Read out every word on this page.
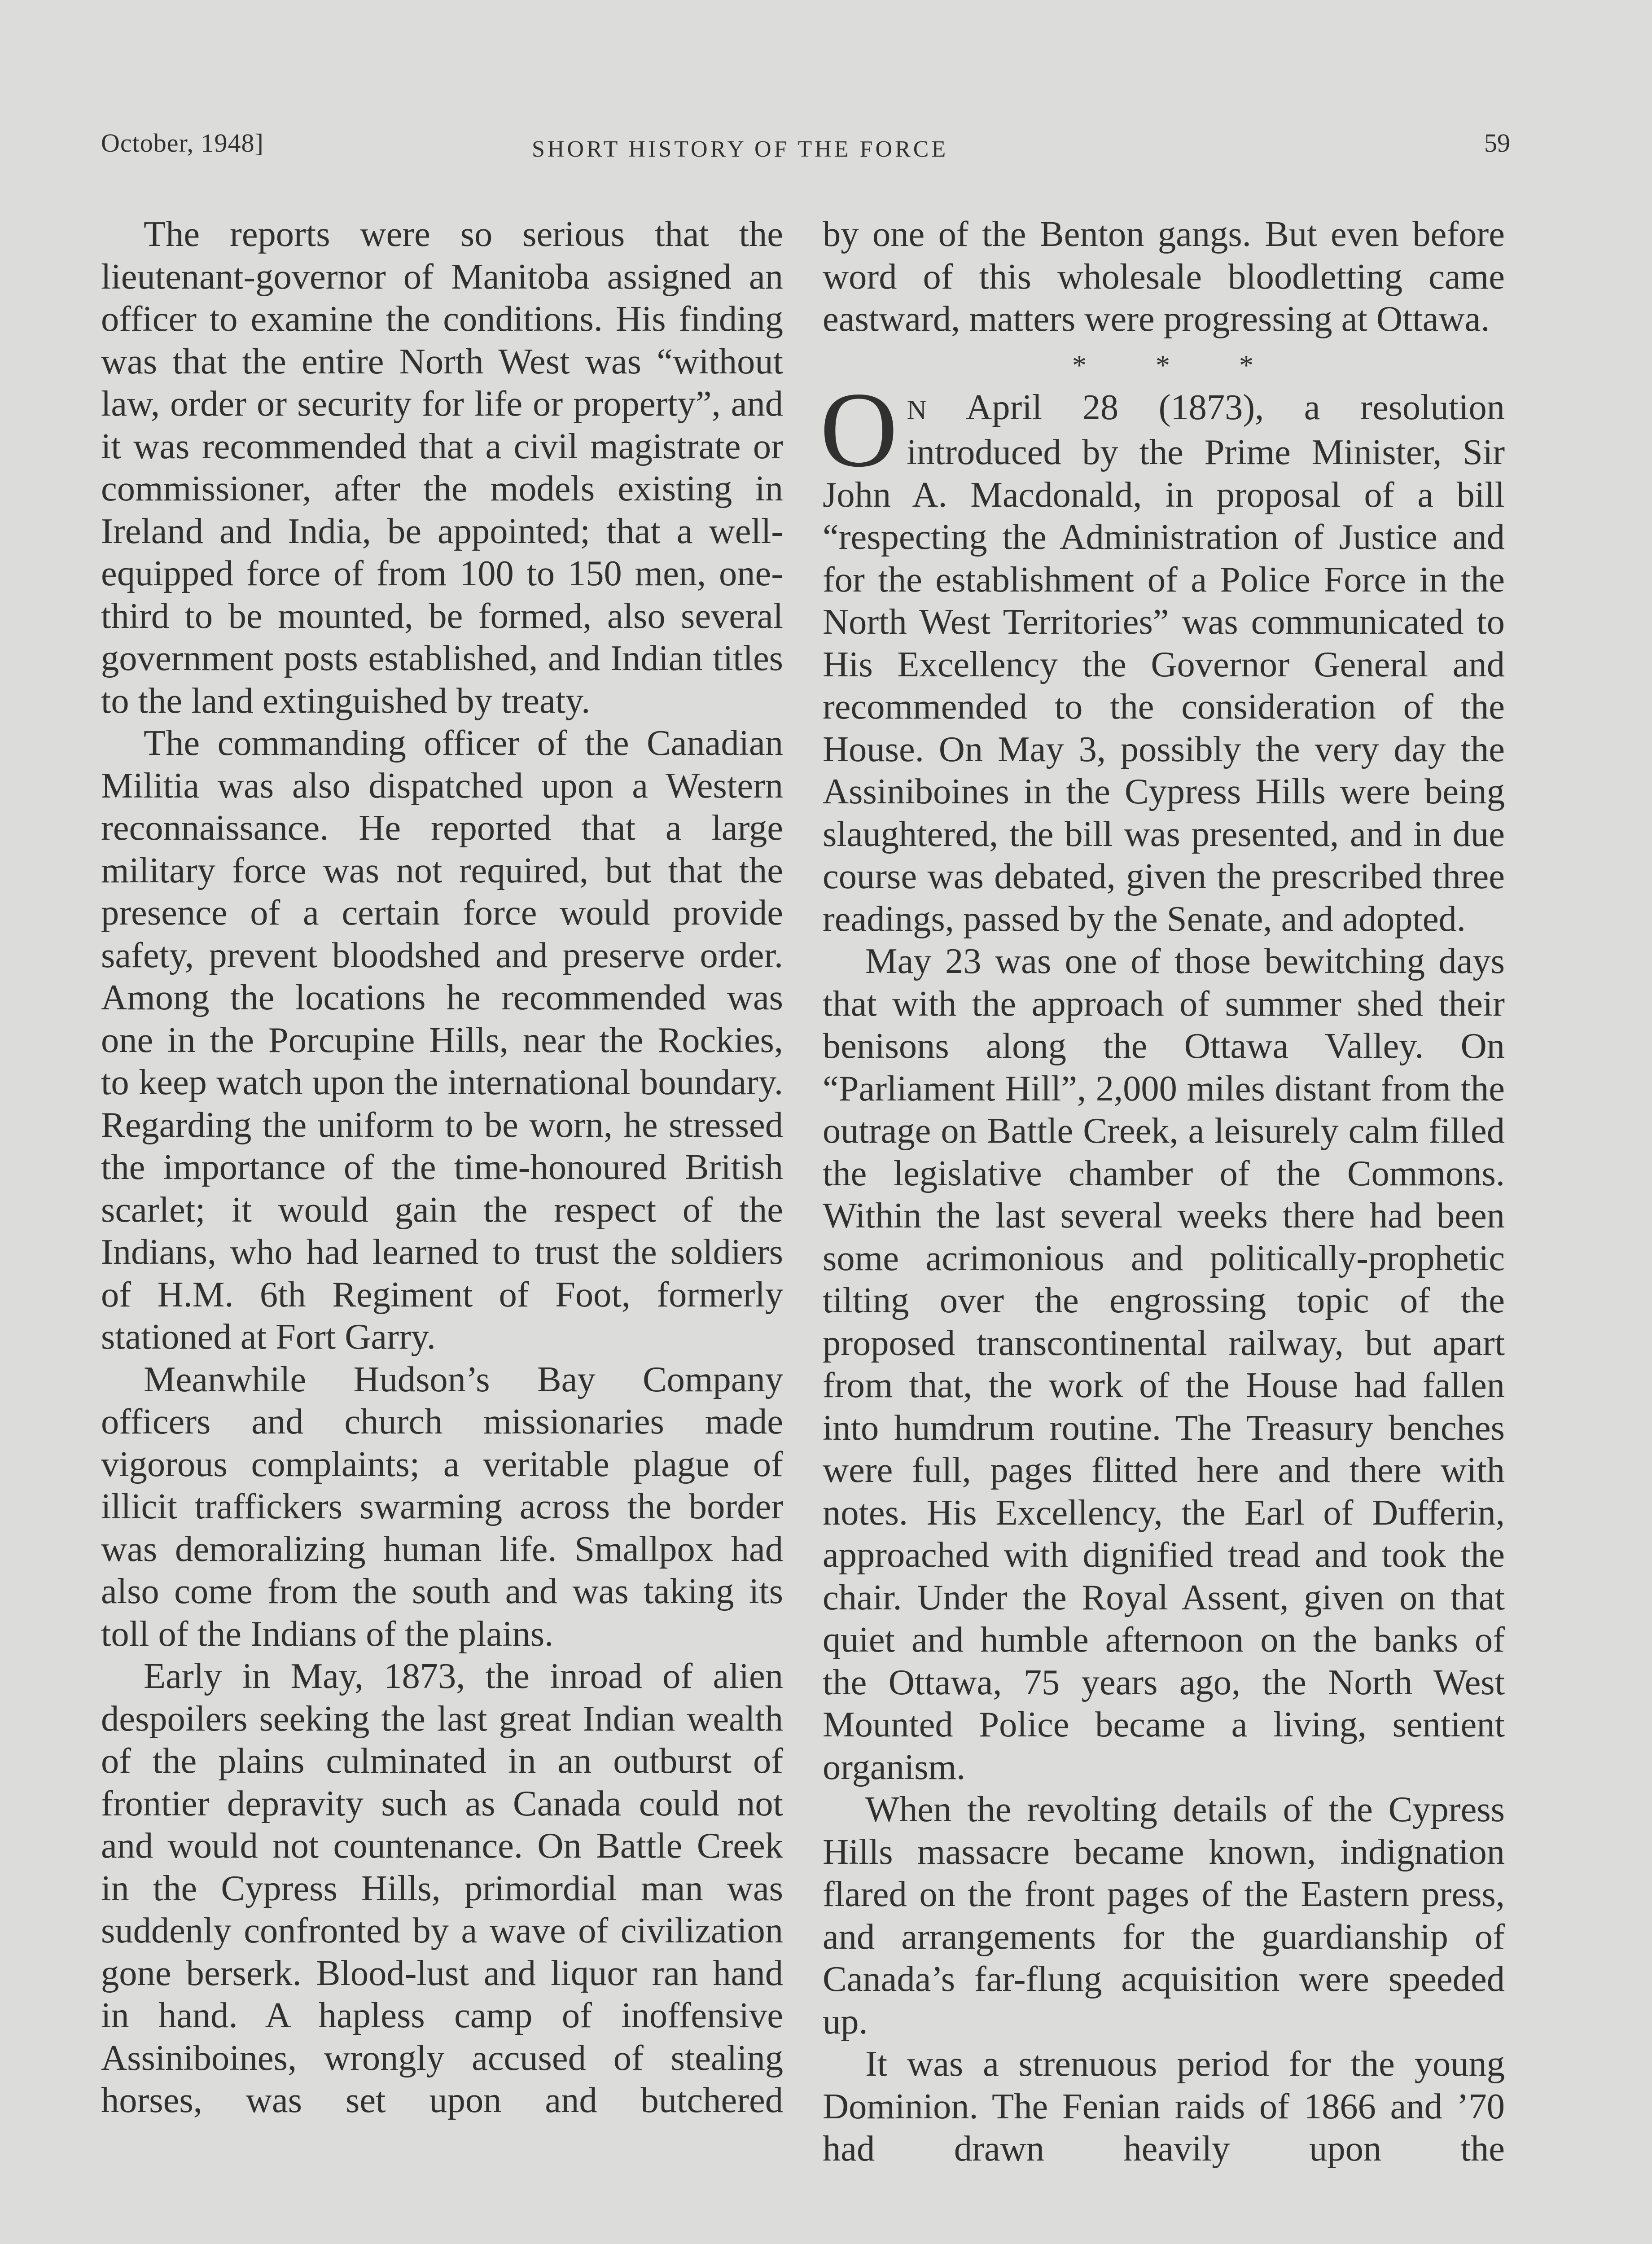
October, 1948]	SHORT HISTORY OF THE FORCE	59

The reports were so serious that the lieutenant-governor of Manitoba assigned an officer to examine the conditions. His finding was that the entire North West was “without law, order or security for life or property”, and it was recommended that a civil magistrate or commissioner, after the models existing in Ireland and India, be appointed; that a well-equipped force of from 100 to 150 men, one-third to be mounted, be formed, also several government posts established, and Indian titles to the land extinguished by treaty.

The commanding officer of the Canadian Militia was also dispatched upon a Western reconnaissance. He reported that a large military force was not required, but that the presence of a certain force would provide safety, prevent bloodshed and preserve order. Among the locations he recommended was one in the Porcupine Hills, near the Rockies, to keep watch upon the international boundary. Regarding the uniform to be worn, he stressed the importance of the time-honoured British scarlet; it would gain the respect of the Indians, who had learned to trust the soldiers of H.M. 6th Regiment of Foot, formerly stationed at Fort Garry.

Meanwhile Hudson’s Bay Company officers and church missionaries made vigorous complaints; a veritable plague of illicit traffickers swarming across the border was demoralizing human life. Smallpox had also come from the south and was taking its toll of the Indians of the plains.

Early in May, 1873, the inroad of alien despoilers seeking the last great Indian wealth of the plains culminated in an outburst of frontier depravity such as Canada could not and would not countenance. On Battle Creek in the Cypress Hills, primordial man was suddenly confronted by a wave of civilization gone berserk. Blood-lust and liquor ran hand in hand. A hapless camp of inoffensive Assiniboines, wrongly accused of stealing horses, was set upon and butchered

by one of the Benton gangs. But even before word of this wholesale bloodletting came eastward, matters were progressing at Ottawa.

* * *

O N April 28 (1873), a resolution introduced by the Prime Minister, Sir John A. Macdonald, in proposal of a bill “respecting the Administration of Justice and for the establishment of a Police Force in the North West Territories” was communicated to His Excellency the Governor General and recommended to the consideration of the House. On May 3, possibly the very day the Assiniboines in the Cypress Hills were being slaughtered, the bill was presented, and in due course was debated, given the prescribed three readings, passed by the Senate, and adopted.

May 23 was one of those bewitching days that with the approach of summer shed their benisons along the Ottawa Valley. On “Parliament Hill”, 2,000 miles distant from the outrage on Battle Creek, a leisurely calm filled the legislative chamber of the Commons. Within the last several weeks there had been some acrimonious and politically-prophetic tilting over the engrossing topic of the proposed transcontinental railway, but apart from that, the work of the House had fallen into humdrum routine. The Treasury benches were full, pages flitted here and there with notes. His Excellency, the Earl of Dufferin, approached with dignified tread and took the chair. Under the Royal Assent, given on that quiet and humble afternoon on the banks of the Ottawa, 75 years ago, the North West Mounted Police became a living, sentient organism.

When the revolting details of the Cypress Hills massacre became known, indignation flared on the front pages of the Eastern press, and arrangements for the guardianship of Canada’s far-flung acquisition were speeded up.

It was a strenuous period for the young Dominion. The Fenian raids of 1866 and ’70 had drawn heavily upon the
